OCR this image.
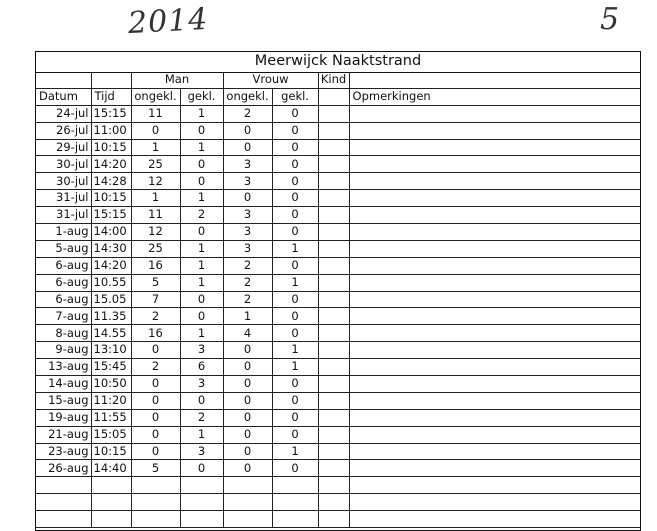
2014	5
Meerwijck Naaktstrand
		Man		Vrouw		Kind	
Datum	Tijd	ongekl.	gekl.	ongekl.	gekl.		Opmerkingen
24-jul	15:15	11	1	2	0		
26-jul	11:00	0	0	0	0		
29-jul	10:15	1	1	0	0		
30-jul	14:20	25	0	3	0		
30-jul	14:28	12	0	3	0		
31-jul	10:15	1	1	0	0		
31-jul	15:15	11	2	3	0		
1-aug	14:00	12	0	3	0		
5-aug	14:30	25	1	3	1		
6-aug	14:20	16	1	2	0		
6-aug	10.55	5	1	2	1		
6-aug	15.05	7	0	2	0		
7-aug	11.35	2	0	1	0		
8-aug	14.55	16	1	4	0		
9-aug	13:10	0	3	0	1		
13-aug	15:45	2	6	0	1		
14-aug	10:50	0	3	0	0		
15-aug	11:20	0	0	0	0		
19-aug	11:55	0	2	0	0		
21-aug	15:05	0	1	0	0		
23-aug	10:15	0	3	0	1		
26-aug	14:40	5	0	0	0		
